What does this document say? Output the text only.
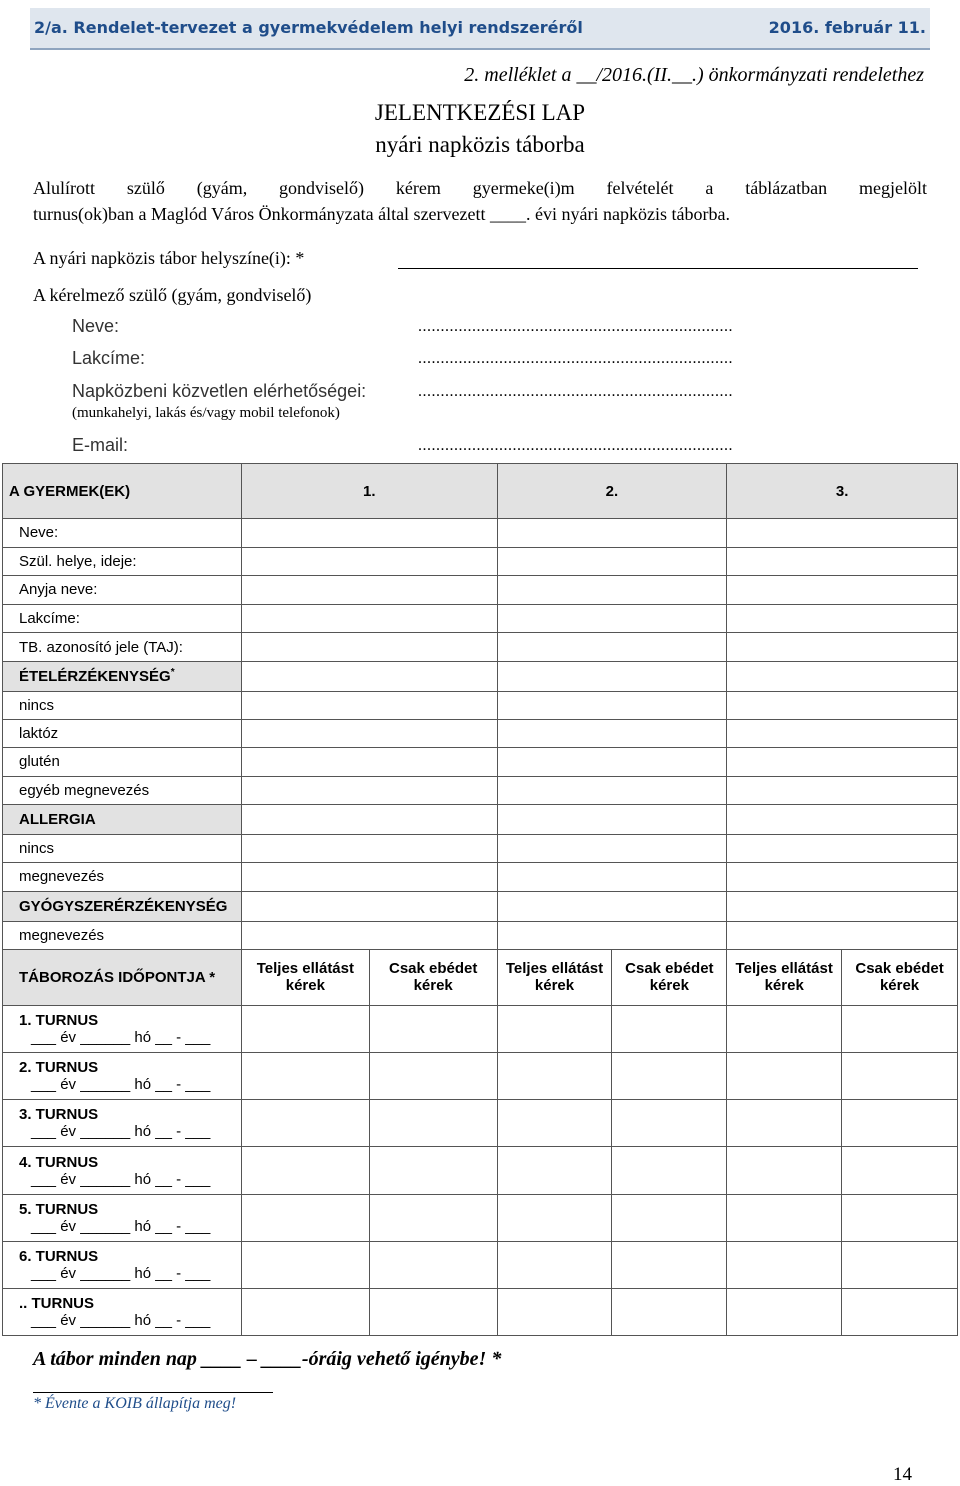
2/a. Rendelet-tervezet a gyermekvédelem helyi rendszeréről	2016. február 11.
2. melléklet a __/2016.(II.__.) önkormányzati rendelethez
JELENTKEZÉSI LAP
nyári napközis táborba
Alulírott szülő (gyám, gondviselő) kérem gyermeke(i)m felvételét a táblázatban megjelölt
turnus(ok)ban a Maglód Város Önkormányzata által szervezett ____. évi nyári napközis táborba.
A nyári napközis tábor helyszíne(i): *
A kérelmező szülő (gyám, gondviselő)
Neve:	......................................................................
Lakcíme:	......................................................................
Napközbeni közvetlen elérhetőségei:	......................................................................
(munkahelyi, lakás és/vagy mobil telefonok)
E-mail:	......................................................................
A GYERMEK(EK)	1.		2.		3.	
Neve:						
Szül. helye, ideje:						
Anyja neve:						
Lakcíme:						
TB. azonosító jele (TAJ):						
ÉTELÉRZÉKENYSÉG*			
nincs						
laktóz						
glutén						
egyéb megnevezés						
ALLERGIA						
nincs						
megnevezés						
GYÓGYSZERÉRZÉKENYSÉG						
megnevezés						
TÁBOROZÁS IDŐPONTJA *	Teljes ellátást kérek	Csak ebédet kérek	Teljes ellátást kérek	Csak ebédet kérek	Teljes ellátást kérek	Csak ebédet kérek

1. TURNUS
___ év ______ hó __ - ___						

2. TURNUS
___ év ______ hó __ - ___						

3. TURNUS
___ év ______ hó __ - ___						

4. TURNUS
___ év ______ hó __ - ___						

5. TURNUS
___ év ______ hó __ - ___						

6. TURNUS
___ év ______ hó __ - ___						

.. TURNUS
___ év ______ hó __ - ___						

A tábor minden nap ____ – ____-óráig vehető igénybe! *
* Évente a KOIB állapítja meg!
14
